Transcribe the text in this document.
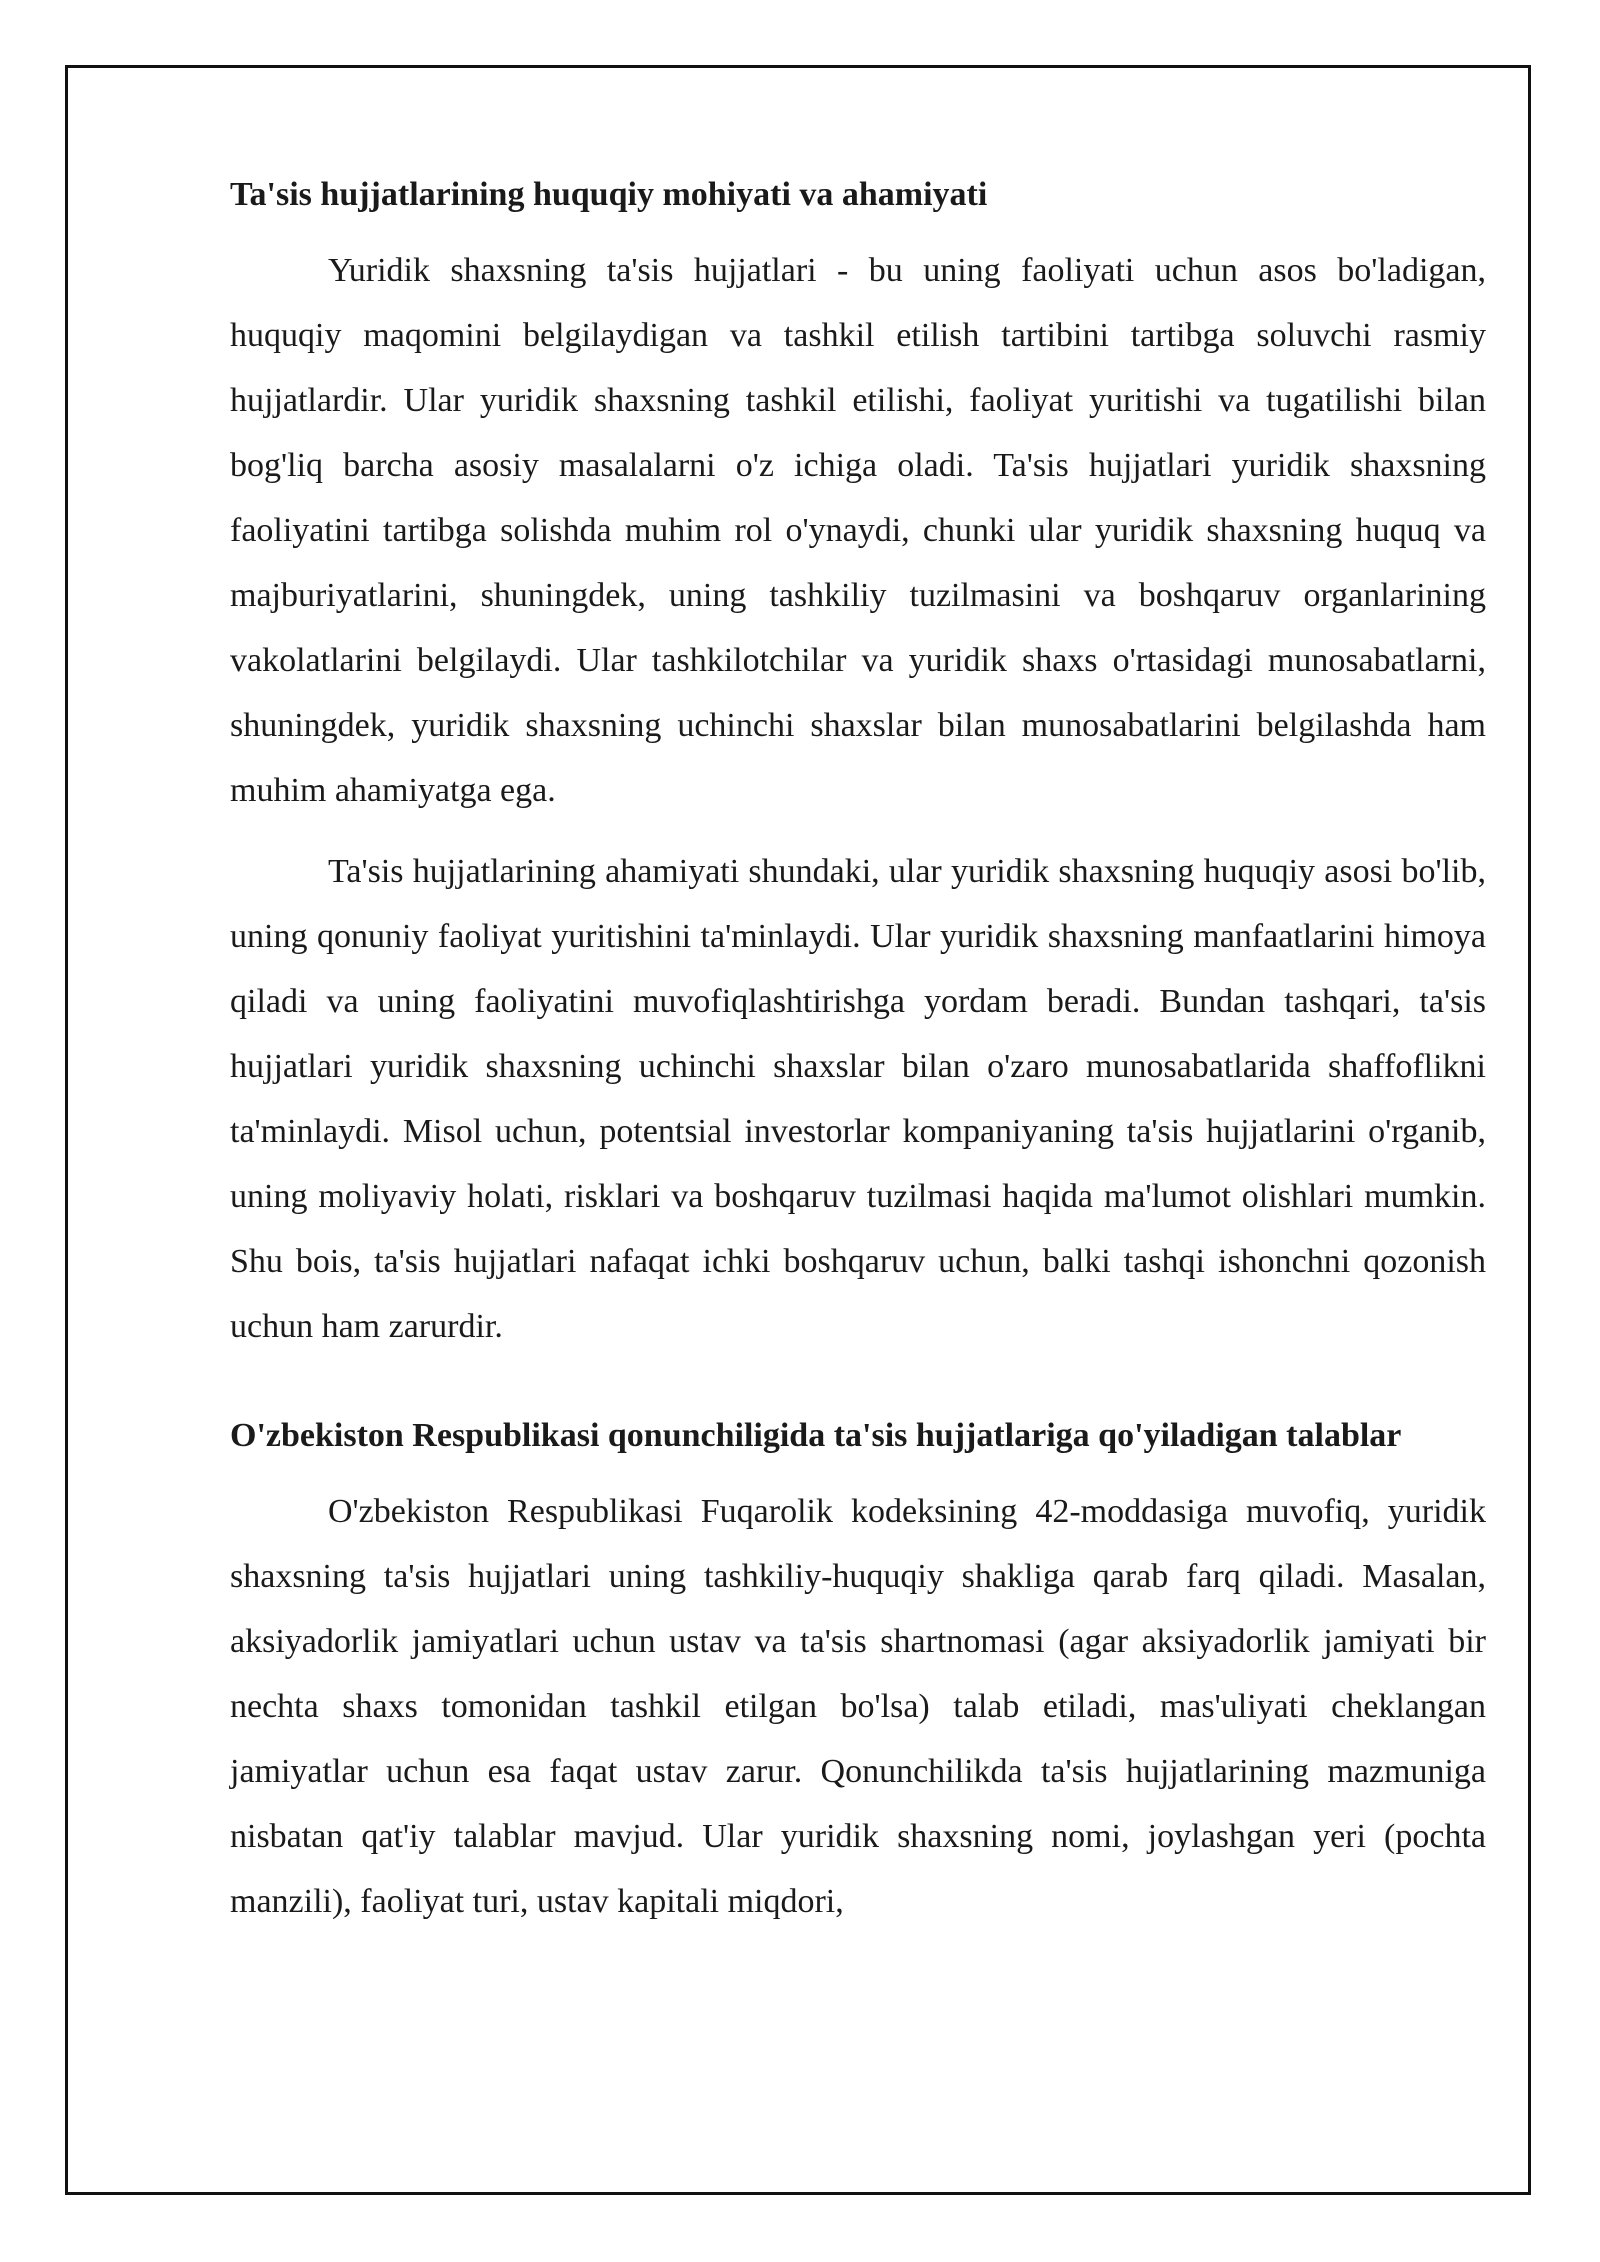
Ta'sis hujjatlarining huquqiy mohiyati va ahamiyati

Yuridik shaxsning ta'sis hujjatlari - bu uning faoliyati uchun asos bo'ladigan, huquqiy maqomini belgilaydigan va tashkil etilish tartibini tartibga soluvchi rasmiy hujjatlardir. Ular yuridik shaxsning tashkil etilishi, faoliyat yuritishi va tugatilishi bilan bog'liq barcha asosiy masalalarni o'z ichiga oladi. Ta'sis hujjatlari yuridik shaxsning faoliyatini tartibga solishda muhim rol o'ynaydi, chunki ular yuridik shaxsning huquq va majburiyatlarini, shuningdek, uning tashkiliy tuzilmasini va boshqaruv organlarining vakolatlarini belgilaydi. Ular tashkilotchilar va yuridik shaxs o'rtasidagi munosabatlarni, shuningdek, yuridik shaxsning uchinchi shaxslar bilan munosabatlarini belgilashda ham muhim ahamiyatga ega.

Ta'sis hujjatlarining ahamiyati shundaki, ular yuridik shaxsning huquqiy asosi bo'lib, uning qonuniy faoliyat yuritishini ta'minlaydi. Ular yuridik shaxsning manfaatlarini himoya qiladi va uning faoliyatini muvofiqlashtirishga yordam beradi. Bundan tashqari, ta'sis hujjatlari yuridik shaxsning uchinchi shaxslar bilan o'zaro munosabatlarida shaffoflikni ta'minlaydi. Misol uchun, potentsial investorlar kompaniyaning ta'sis hujjatlarini o'rganib, uning moliyaviy holati, risklari va boshqaruv tuzilmasi haqida ma'lumot olishlari mumkin. Shu bois, ta'sis hujjatlari nafaqat ichki boshqaruv uchun, balki tashqi ishonchni qozonish uchun ham zarurdir.

O'zbekiston Respublikasi qonunchiligida ta'sis hujjatlariga qo'yiladigan talablar

O'zbekiston Respublikasi Fuqarolik kodeksining 42-moddasiga muvofiq, yuridik shaxsning ta'sis hujjatlari uning tashkiliy-huquqiy shakliga qarab farq qiladi. Masalan, aksiyadorlik jamiyatlari uchun ustav va ta'sis shartnomasi (agar aksiyadorlik jamiyati bir nechta shaxs tomonidan tashkil etilgan bo'lsa) talab etiladi, mas'uliyati cheklangan jamiyatlar uchun esa faqat ustav zarur. Qonunchilikda ta'sis hujjatlarining mazmuniga nisbatan qat'iy talablar mavjud. Ular yuridik shaxsning nomi, joylashgan yeri (pochta manzili), faoliyat turi, ustav kapitali miqdori,
